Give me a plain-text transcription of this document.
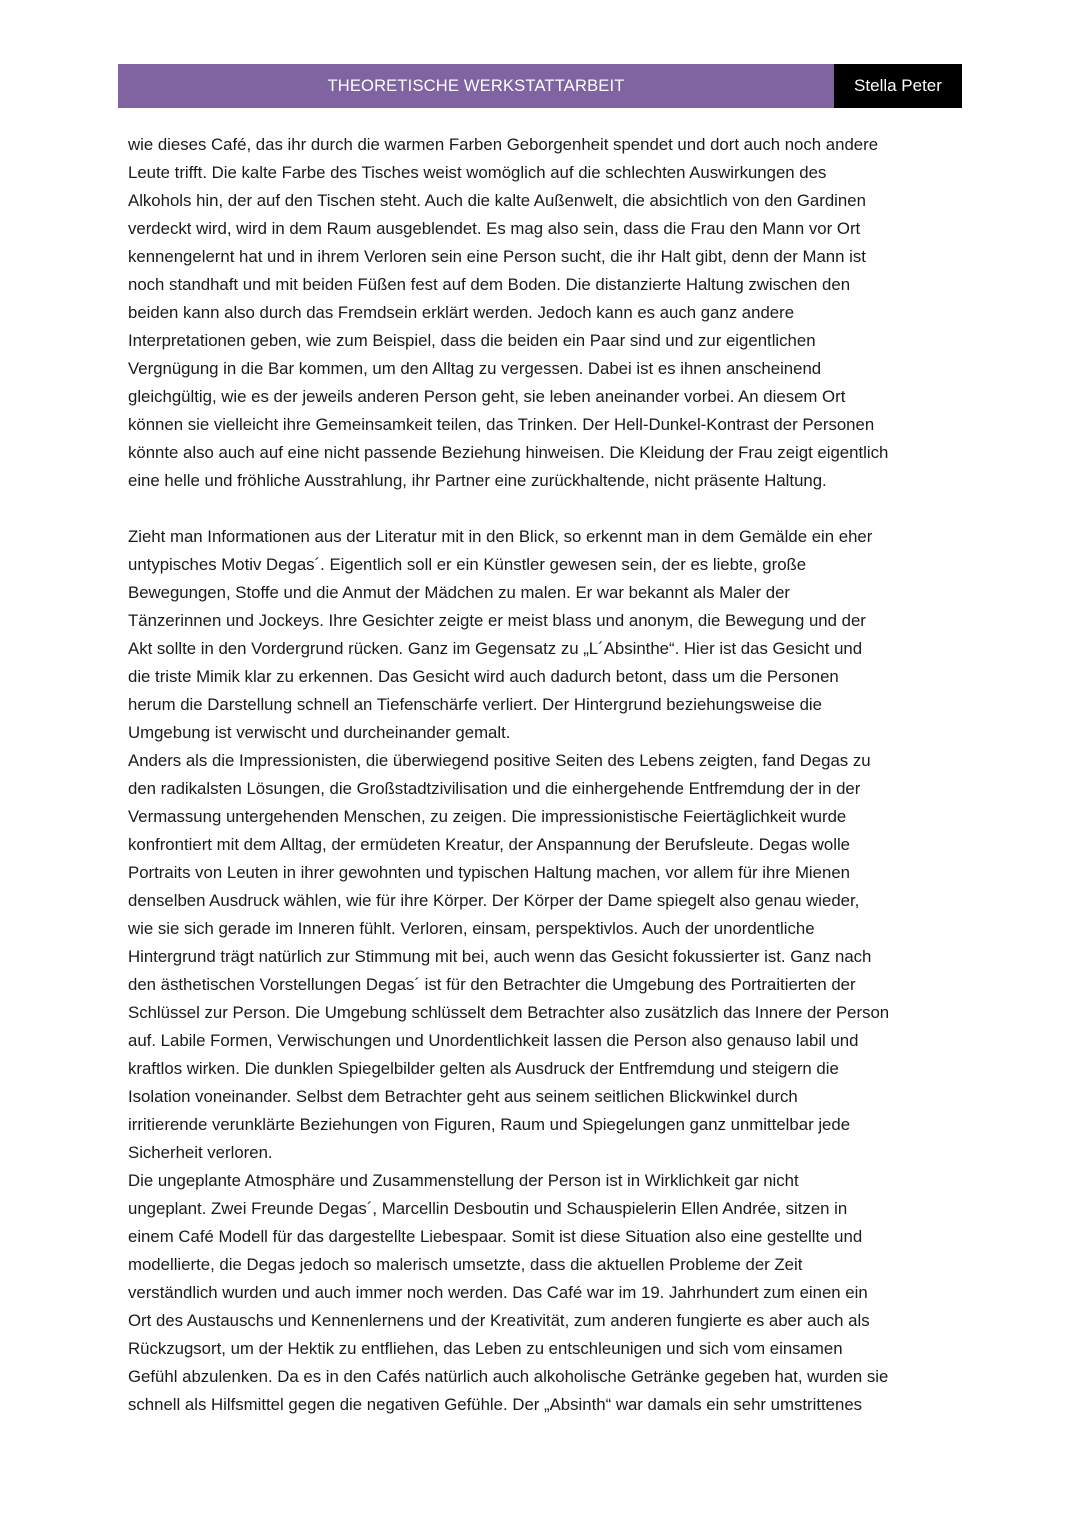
THEORETISCHE WERKSTATTARBEIT	Stella Peter
wie dieses Café, das ihr durch die warmen Farben Geborgenheit spendet und dort auch noch andere
Leute trifft. Die kalte Farbe des Tisches weist womöglich auf die schlechten Auswirkungen des
Alkohols hin, der auf den Tischen steht. Auch die kalte Außenwelt, die absichtlich von den Gardinen
verdeckt wird, wird in dem Raum ausgeblendet. Es mag also sein, dass die Frau den Mann vor Ort
kennengelernt hat und in ihrem Verloren sein eine Person sucht, die ihr Halt gibt, denn der Mann ist
noch standhaft und mit beiden Füßen fest auf dem Boden. Die distanzierte Haltung zwischen den
beiden kann also durch das Fremdsein erklärt werden. Jedoch kann es auch ganz andere
Interpretationen geben, wie zum Beispiel, dass die beiden ein Paar sind und zur eigentlichen
Vergnügung in die Bar kommen, um den Alltag zu vergessen. Dabei ist es ihnen anscheinend
gleichgültig, wie es der jeweils anderen Person geht, sie leben aneinander vorbei. An diesem Ort
können sie vielleicht ihre Gemeinsamkeit teilen, das Trinken. Der Hell-Dunkel-Kontrast der Personen
könnte also auch auf eine nicht passende Beziehung hinweisen. Die Kleidung der Frau zeigt eigentlich
eine helle und fröhliche Ausstrahlung, ihr Partner eine zurückhaltende, nicht präsente Haltung.
Zieht man Informationen aus der Literatur mit in den Blick, so erkennt man in dem Gemälde ein eher
untypisches Motiv Degas´. Eigentlich soll er ein Künstler gewesen sein, der es liebte, große
Bewegungen, Stoffe und die Anmut der Mädchen zu malen. Er war bekannt als Maler der
Tänzerinnen und Jockeys. Ihre Gesichter zeigte er meist blass und anonym, die Bewegung und der
Akt sollte in den Vordergrund rücken. Ganz im Gegensatz zu „L´Absinthe“. Hier ist das Gesicht und
die triste Mimik klar zu erkennen. Das Gesicht wird auch dadurch betont, dass um die Personen
herum die Darstellung schnell an Tiefenschärfe verliert. Der Hintergrund beziehungsweise die
Umgebung ist verwischt und durcheinander gemalt.
Anders als die Impressionisten, die überwiegend positive Seiten des Lebens zeigten, fand Degas zu
den radikalsten Lösungen, die Großstadtzivilisation und die einhergehende Entfremdung der in der
Vermassung untergehenden Menschen, zu zeigen. Die impressionistische Feiertäglichkeit wurde
konfrontiert mit dem Alltag, der ermüdeten Kreatur, der Anspannung der Berufsleute. Degas wolle
Portraits von Leuten in ihrer gewohnten und typischen Haltung machen, vor allem für ihre Mienen
denselben Ausdruck wählen, wie für ihre Körper. Der Körper der Dame spiegelt also genau wieder,
wie sie sich gerade im Inneren fühlt. Verloren, einsam, perspektivlos. Auch der unordentliche
Hintergrund trägt natürlich zur Stimmung mit bei, auch wenn das Gesicht fokussierter ist. Ganz nach
den ästhetischen Vorstellungen Degas´ ist für den Betrachter die Umgebung des Portraitierten der
Schlüssel zur Person. Die Umgebung schlüsselt dem Betrachter also zusätzlich das Innere der Person
auf. Labile Formen, Verwischungen und Unordentlichkeit lassen die Person also genauso labil und
kraftlos wirken. Die dunklen Spiegelbilder gelten als Ausdruck der Entfremdung und steigern die
Isolation voneinander. Selbst dem Betrachter geht aus seinem seitlichen Blickwinkel durch
irritierende verunklärte Beziehungen von Figuren, Raum und Spiegelungen ganz unmittelbar jede
Sicherheit verloren.
Die ungeplante Atmosphäre und Zusammenstellung der Person ist in Wirklichkeit gar nicht
ungeplant. Zwei Freunde Degas´, Marcellin Desboutin und Schauspielerin Ellen Andrée, sitzen in
einem Café Modell für das dargestellte Liebespaar. Somit ist diese Situation also eine gestellte und
modellierte, die Degas jedoch so malerisch umsetzte, dass die aktuellen Probleme der Zeit
verständlich wurden und auch immer noch werden. Das Café war im 19. Jahrhundert zum einen ein
Ort des Austauschs und Kennenlernens und der Kreativität, zum anderen fungierte es aber auch als
Rückzugsort, um der Hektik zu entfliehen, das Leben zu entschleunigen und sich vom einsamen
Gefühl abzulenken. Da es in den Cafés natürlich auch alkoholische Getränke gegeben hat, wurden sie
schnell als Hilfsmittel gegen die negativen Gefühle. Der „Absinth“ war damals ein sehr umstrittenes
